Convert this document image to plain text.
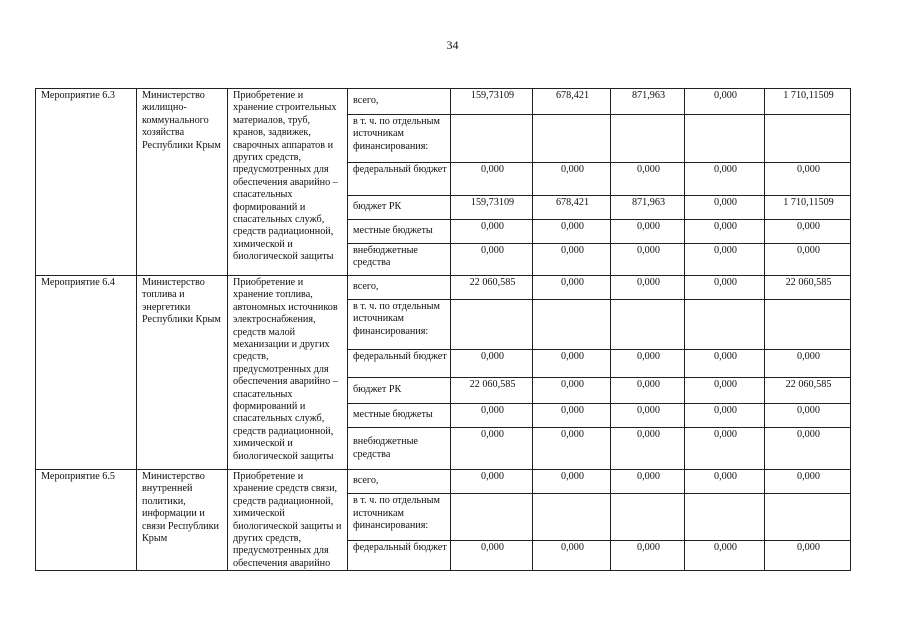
34
Мероприятие 6.3	Министерство жилищно-коммунального хозяйства Республики Крым	Приобретение и хранение строительных материалов, труб, кранов, задвижек, сварочных аппаратов и других средств, предусмотренных для обеспечения аварийно – спасательных формирований и спасательных служб, средств радиационной, химической и биологической защиты	всего,	159,73109	678,421	871,963	0,000	1 710,11509
			в т. ч. по отдельным источникам финансирования:					
			федеральный бюджет	0,000	0,000	0,000	0,000	0,000
			бюджет РК	159,73109	678,421	871,963	0,000	1 710,11509
			местные бюджеты	0,000	0,000	0,000	0,000	0,000
			внебюджетные средства	0,000	0,000	0,000	0,000	0,000
Мероприятие 6.4	Министерство топлива и энергетики Республики Крым	Приобретение и хранение топлива, автономных источников электроснабжения, средств малой механизации и других средств, предусмотренных для обеспечения аварийно – спасательных формирований и спасательных служб, средств радиационной, химической и биологической защиты	всего,	22 060,585	0,000	0,000	0,000	22 060,585
			в т. ч. по отдельным источникам финансирования:					
			федеральный бюджет	0,000	0,000	0,000	0,000	0,000
			бюджет РК	22 060,585	0,000	0,000	0,000	22 060,585
			местные бюджеты	0,000	0,000	0,000	0,000	0,000
			внебюджетные средства	0,000	0,000	0,000	0,000	0,000
Мероприятие 6.5	Министерство внутренней политики, информации и связи Республики Крым	Приобретение и хранение средств связи, средств радиационной, химической биологической защиты и других средств, предусмотренных для обеспечения аварийно	всего,	0,000	0,000	0,000	0,000	0,000
			в т. ч. по отдельным источникам финансирования:					
			федеральный бюджет	0,000	0,000	0,000	0,000	0,000
